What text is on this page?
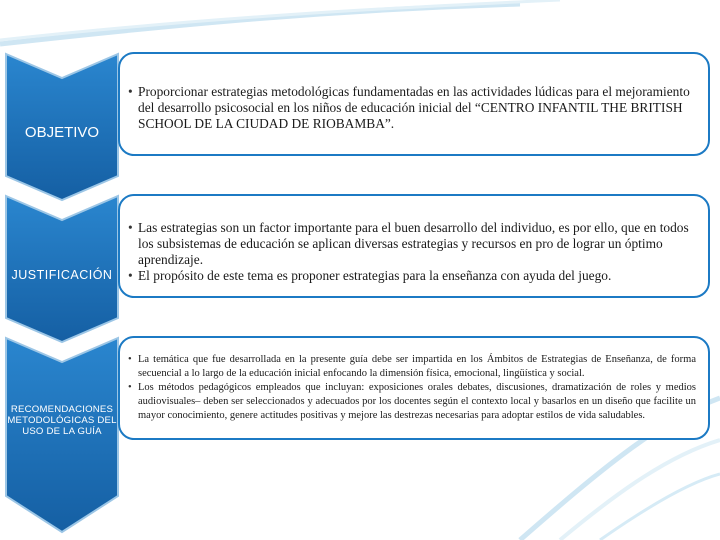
OBJETIVO
• Proporcionar estrategias metodológicas fundamentadas en las actividades lúdicas para el mejoramiento del desarrollo psicosocial en los niños de educación inicial del “CENTRO INFANTIL THE BRITISH SCHOOL DE LA CIUDAD DE RIOBAMBA”.
JUSTIFICACIÓN
• Las estrategias son un factor importante para el buen desarrollo del individuo, es por ello, que en todos los subsistemas de educación se aplican diversas estrategias y recursos en pro de lograr un óptimo aprendizaje.
• El propósito de este tema es proponer estrategias para la enseñanza con ayuda del juego.
RECOMENDACIONES METODOLÓGICAS DEL USO DE LA GUÍA
• La temática que fue desarrollada en la presente guía debe ser impartida en los Ámbitos de Estrategias de Enseñanza, de forma secuencial a lo largo de la educación inicial enfocando la dimensión física, emocional, lingüística y social.
• Los métodos pedagógicos empleados que incluyan: exposiciones orales debates, discusiones, dramatización de roles y medios audiovisuales– deben ser seleccionados y adecuados por los docentes según el contexto local y basarlos en un diseño que facilite un mayor conocimiento, genere actitudes positivas y mejore las destrezas necesarias para adoptar estilos de vida saludables.
